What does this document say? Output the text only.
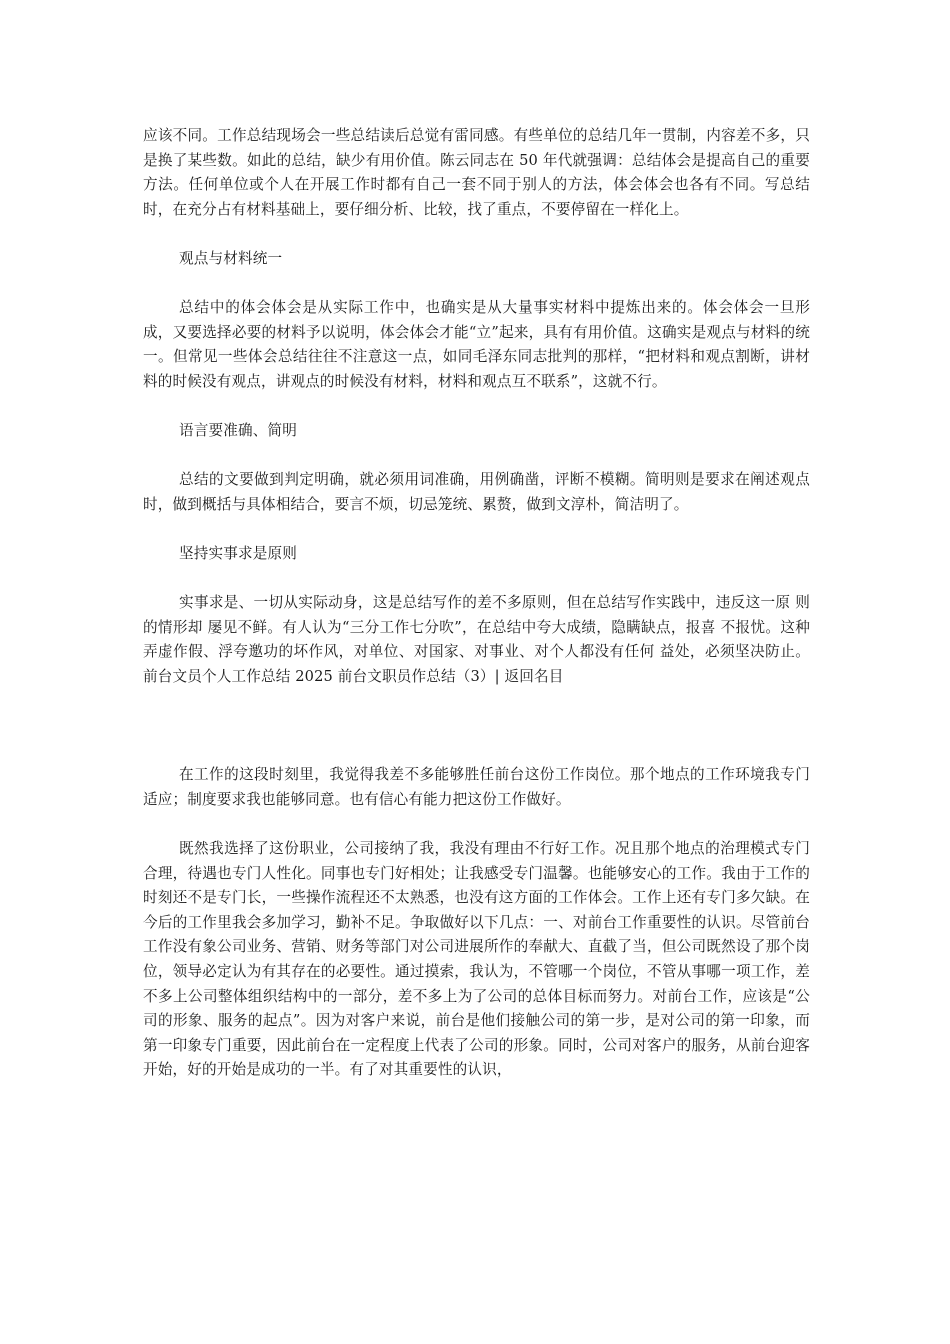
应该不同。工作总结现场会一些总结读后总觉有雷同感。有些单位的总结几年一贯制，内容差不多，只是换了某些数。如此的总结，缺少有用价值。陈云同志在 50 年代就强调：总结体会是提高自己的重要方法。任何单位或个人在开展工作时都有自己一套不同于别人的方法，体会体会也各有不同。写总结时，在充分占有材料基础上，要仔细分析、比较，找了重点，不要停留在一样化上。

观点与材料统一

总结中的体会体会是从实际工作中，也确实是从大量事实材料中提炼出来的。体会体会一旦形成，又要选择必要的材料予以说明，体会体会才能“立”起来，具有有用价值。这确实是观点与材料的统一。但常见一些体会总结往往不注意这一点，如同毛泽东同志批判的那样，“把材料和观点割断，讲材料的时候没有观点，讲观点的时候没有材料，材料和观点互不联系”，这就不行。

语言要准确、简明

总结的文要做到判定明确，就必须用词准确，用例确凿，评断不模糊。简明则是要求在阐述观点时，做到概括与具体相结合，要言不烦，切忌笼统、累赘，做到文淳朴，简洁明了。

坚持实事求是原则

实事求是、一切从实际动身，这是总结写作的差不多原则，但在总结写作实践中，违反这一原 则的情形却 屡见不鲜。有人认为“三分工作七分吹”，在总结中夸大成绩，隐瞒缺点，报喜 不报忧。这种弄虚作假、浮夸邀功的坏作风，对单位、对国家、对事业、对个人都没有任何 益处，必须坚决防止。前台文员个人工作总结 2025 前台文职员作总结（3）| 返回名目

在工作的这段时刻里，我觉得我差不多能够胜任前台这份工作岗位。那个地点的工作环境我专门适应；制度要求我也能够同意。也有信心有能力把这份工作做好。

既然我选择了这份职业，公司接纳了我，我没有理由不行好工作。况且那个地点的治理模式专门合理，待遇也专门人性化。同事也专门好相处；让我感受专门温馨。也能够安心的工作。我由于工作的时刻还不是专门长，一些操作流程还不太熟悉，也没有这方面的工作体会。工作上还有专门多欠缺。在今后的工作里我会多加学习，勤补不足。争取做好以下几点：一、对前台工作重要性的认识。尽管前台工作没有象公司业务、营销、财务等部门对公司进展所作的奉献大、直截了当，但公司既然设了那个岗位，领导必定认为有其存在的必要性。通过摸索，我认为，不管哪一个岗位，不管从事哪一项工作，差不多上公司整体组织结构中的一部分，差不多上为了公司的总体目标而努力。对前台工作，应该是“公司的形象、服务的起点”。因为对客户来说，前台是他们接触公司的第一步，是对公司的第一印象，而第一印象专门重要，因此前台在一定程度上代表了公司的形象。同时，公司对客户的服务，从前台迎客开始，好的开始是成功的一半。有了对其重要性的认识，
